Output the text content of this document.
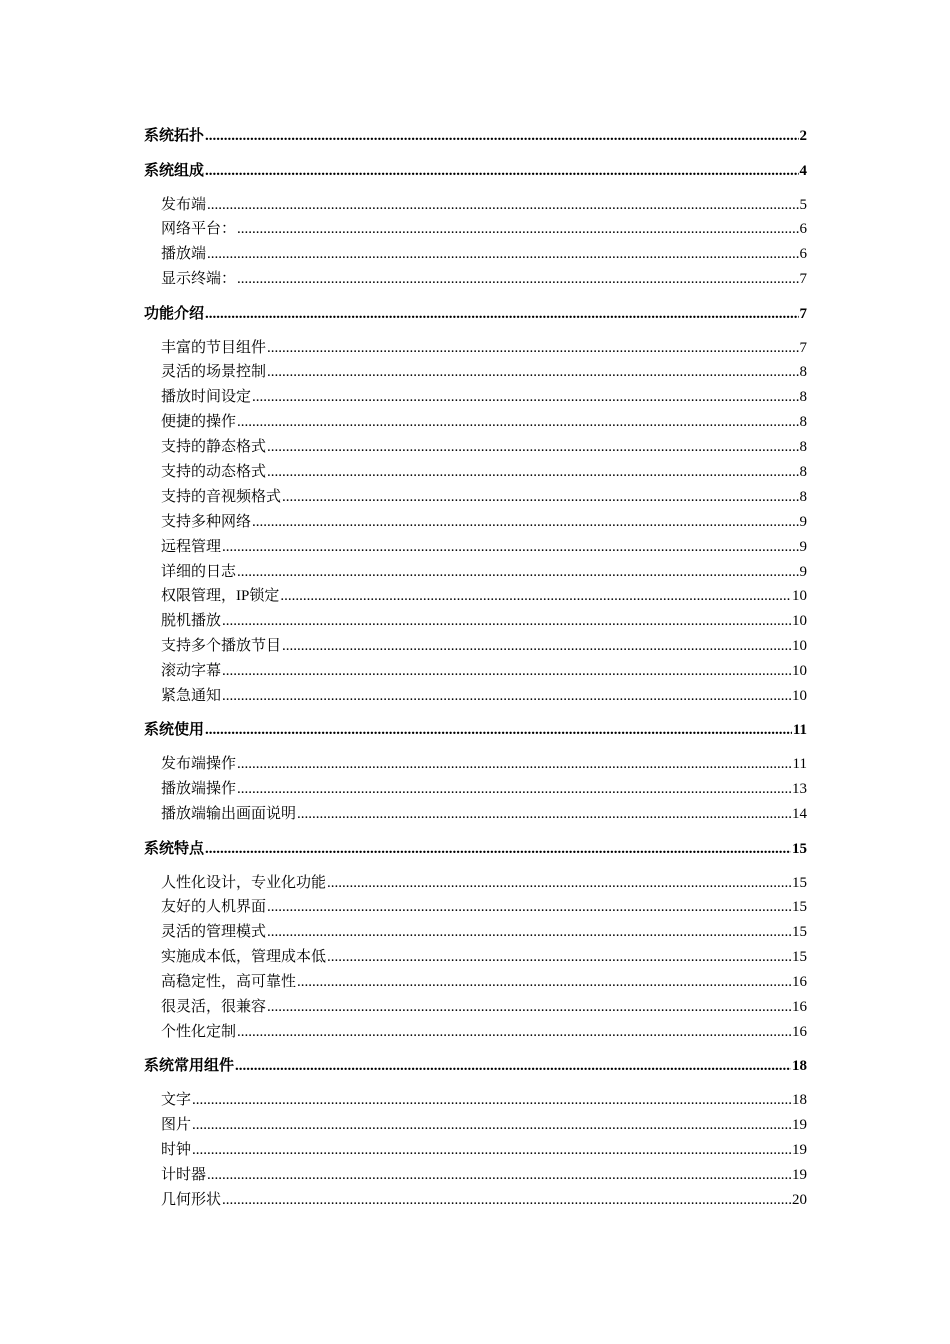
系统拓扑 .....	2
系统组成 .....	4
发布端 .....	5
网络平台： .....	6
播放端 .....	6
显示终端： .....	7
功能介绍 .....	7
丰富的节目组件 .....	7
灵活的场景控制 .....	8
播放时间设定 .....	8
便捷的操作 .....	8
支持的静态格式 .....	8
支持的动态格式 .....	8
支持的音视频格式 .....	8
支持多种网络 .....	9
远程管理 .....	9
详细的日志 .....	9
权限管理，IP锁定 .....	10
脱机播放 .....	10
支持多个播放节目 .....	10
滚动字幕 .....	10
紧急通知 .....	10
系统使用 .....	11
发布端操作 .....	11
播放端操作 .....	13
播放端输出画面说明 .....	14
系统特点 .....	15
人性化设计，专业化功能 .....	15
友好的人机界面 .....	15
灵活的管理模式 .....	15
实施成本低，管理成本低 .....	15
高稳定性，高可靠性 .....	16
很灵活，很兼容 .....	16
个性化定制 .....	16
系统常用组件 .....	18
文字 .....	18
图片 .....	19
时钟 .....	19
计时器 .....	19
几何形状 .....	20
